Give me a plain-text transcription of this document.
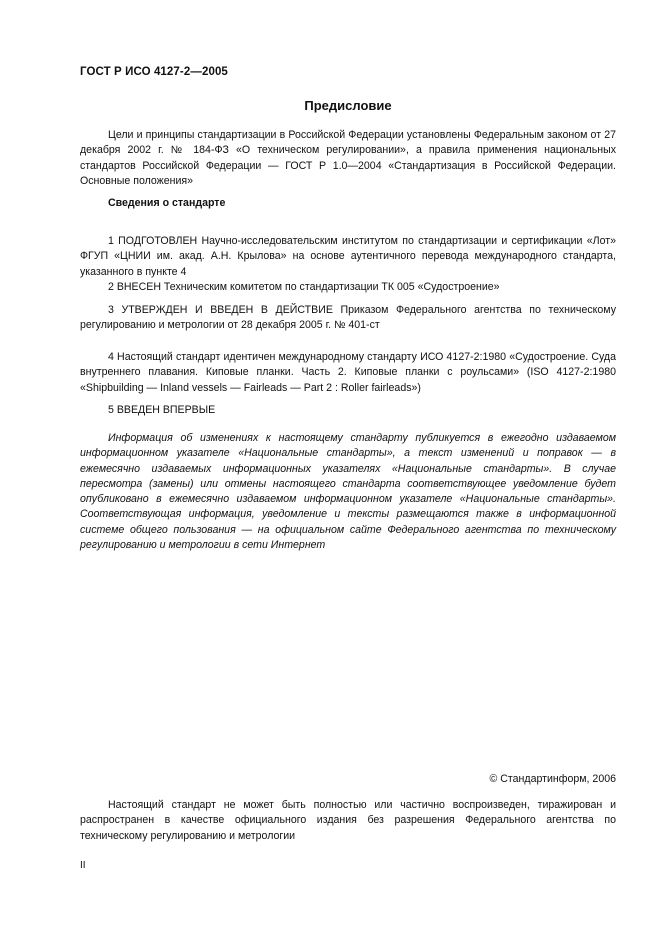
ГОСТ Р ИСО 4127-2—2005
Предисловие

Цели и принципы стандартизации в Российской Федерации установлены Федеральным законом от 27 декабря 2002 г. № 184-ФЗ «О техническом регулировании», а правила применения национальных стандартов Российской Федерации — ГОСТ Р 1.0—2004 «Стандартизация в Российской Федерации. Основные положения»

Сведения о стандарте

1 ПОДГОТОВЛЕН Научно-исследовательским институтом по стандартизации и сертификации «Лот» ФГУП «ЦНИИ им. акад. А.Н. Крылова» на основе аутентичного перевода международного стандарта, указанного в пункте 4

2 ВНЕСЕН Техническим комитетом по стандартизации ТК 005 «Судостроение»

3 УТВЕРЖДЕН И ВВЕДЕН В ДЕЙСТВИЕ Приказом Федерального агентства по техническому регулированию и метрологии от 28 декабря 2005 г. № 401-ст

4 Настоящий стандарт идентичен международному стандарту ИСО 4127-2:1980 «Судостроение. Суда внутреннего плавания. Киповые планки. Часть 2. Киповые планки с роульсами» (ISO 4127-2:1980 «Shipbuilding — Inland vessels — Fairleads — Part 2 : Roller fairleads»)

5 ВВЕДЕН ВПЕРВЫЕ

Информация об изменениях к настоящему стандарту публикуется в ежегодно издаваемом информационном указателе «Национальные стандарты», а текст изменений и поправок — в ежемесячно издаваемых информационных указателях «Национальные стандарты». В случае пересмотра (замены) или отмены настоящего стандарта соответствующее уведомление будет опубликовано в ежемесячно издаваемом информационном указателе «Национальные стандарты». Соответствующая информация, уведомление и тексты размещаются также в информационной системе общего пользования — на официальном сайте Федерального агентства по техническому регулированию и метрологии в сети Интернет

© Стандартинформ, 2006

Настоящий стандарт не может быть полностью или частично воспроизведен, тиражирован и распространен в качестве официального издания без разрешения Федерального агентства по техническому регулированию и метрологии

II
